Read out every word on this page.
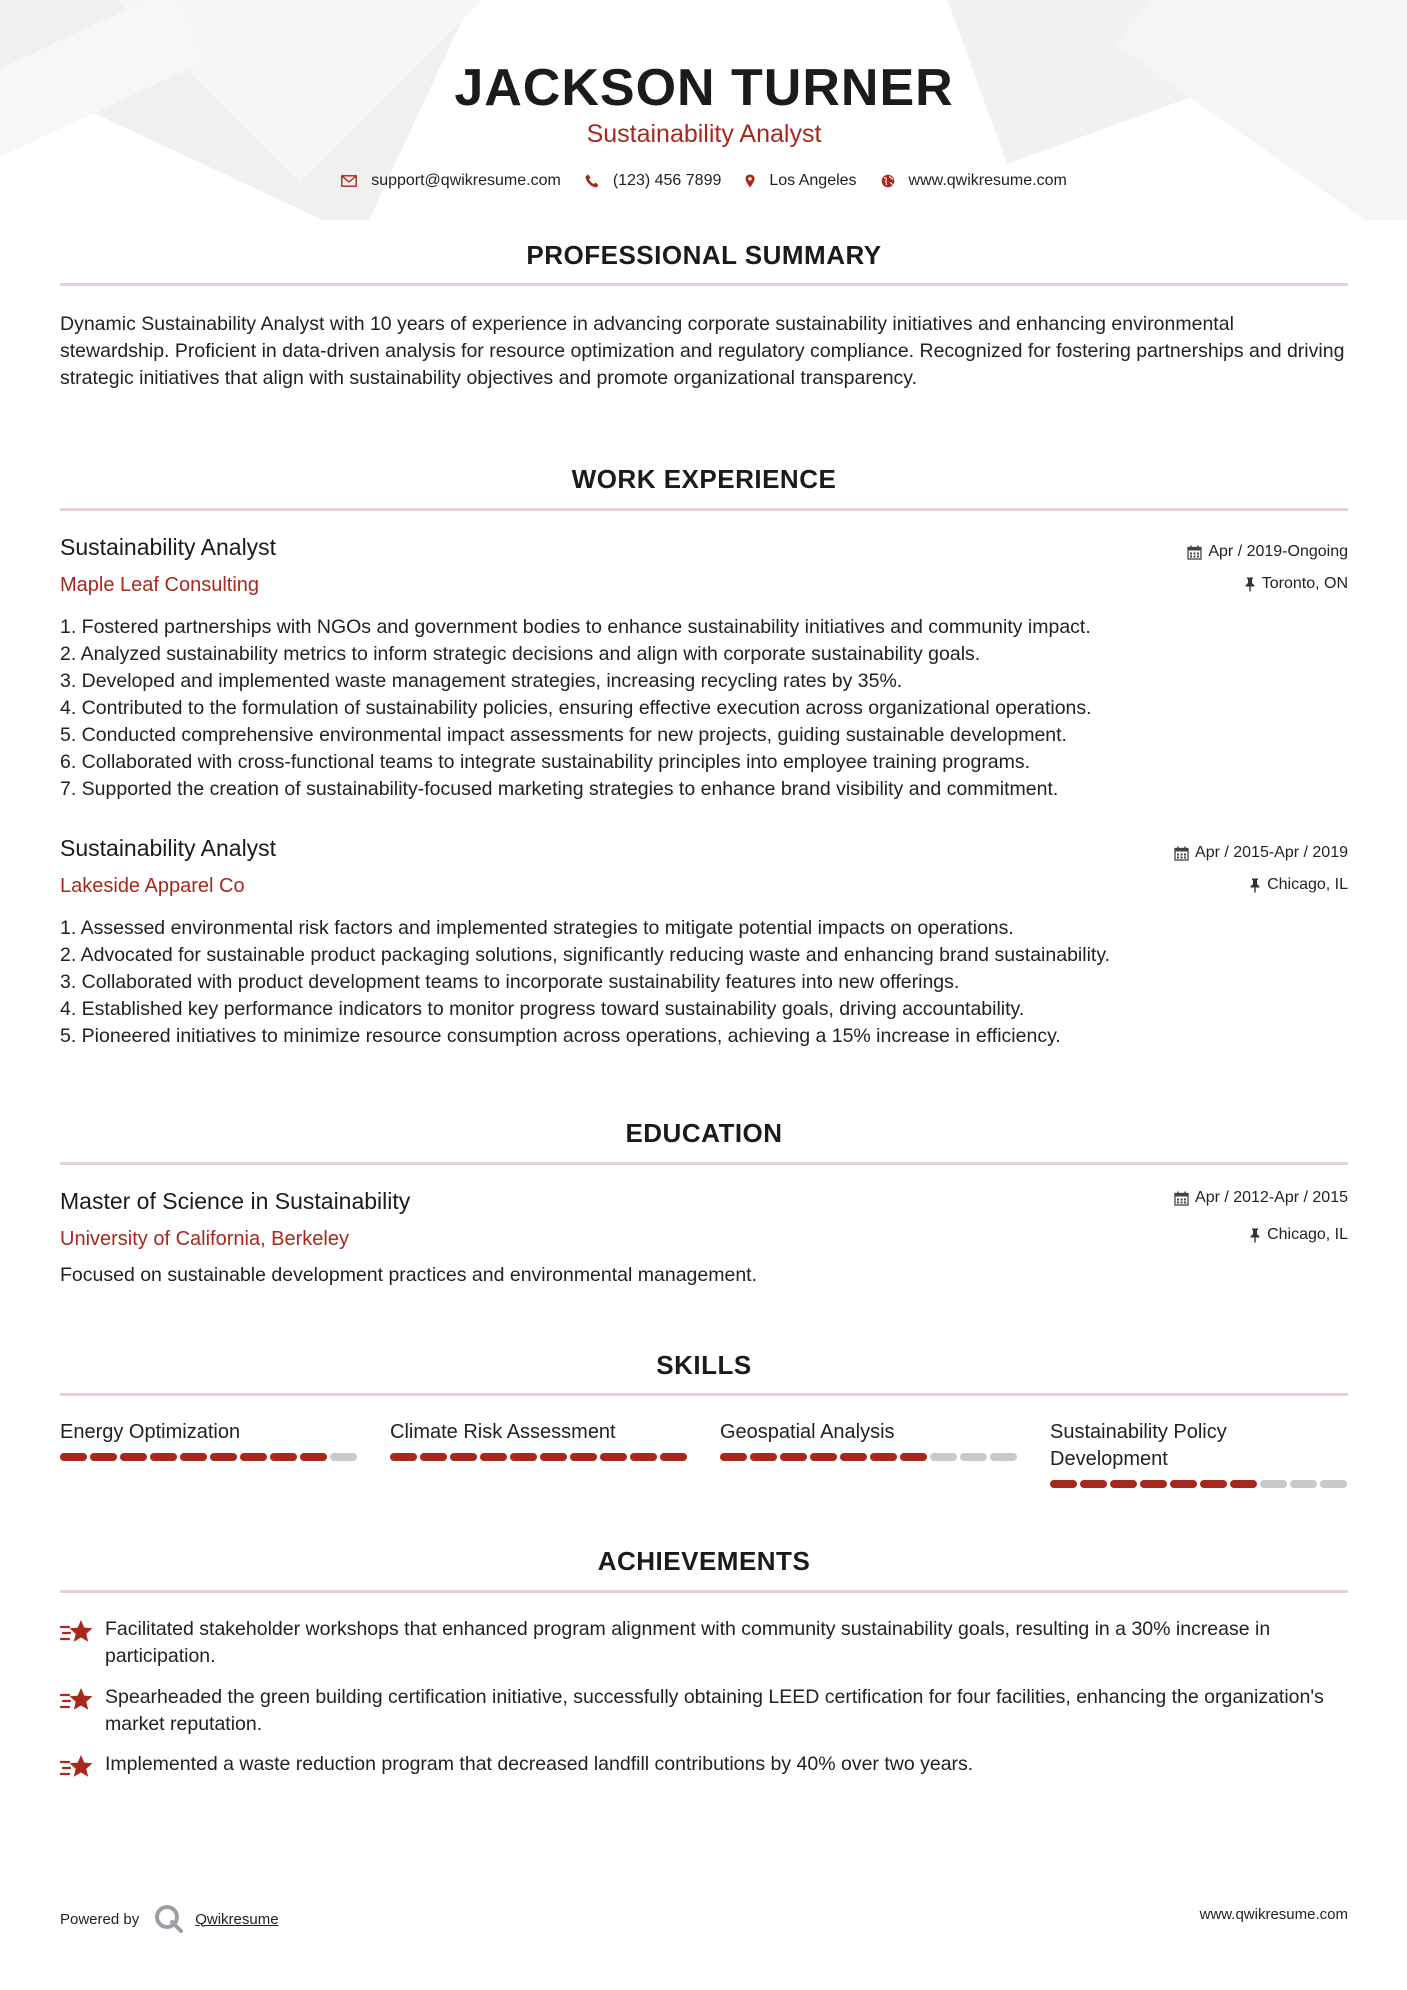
JACKSON TURNER
Sustainability Analyst
support@qwikresume.com	(123) 456 7899	Los Angeles	www.qwikresume.com
PROFESSIONAL SUMMARY
Dynamic Sustainability Analyst with 10 years of experience in advancing corporate sustainability initiatives and enhancing environmental stewardship. Proficient in data-driven analysis for resource optimization and regulatory compliance. Recognized for fostering partnerships and driving strategic initiatives that align with sustainability objectives and promote organizational transparency.
WORK EXPERIENCE
Sustainability Analyst
Maple Leaf Consulting
Apr / 2019-Ongoing
Toronto, ON
1. Fostered partnerships with NGOs and government bodies to enhance sustainability initiatives and community impact.
2. Analyzed sustainability metrics to inform strategic decisions and align with corporate sustainability goals.
3. Developed and implemented waste management strategies, increasing recycling rates by 35%.
4. Contributed to the formulation of sustainability policies, ensuring effective execution across organizational operations.
5. Conducted comprehensive environmental impact assessments for new projects, guiding sustainable development.
6. Collaborated with cross-functional teams to integrate sustainability principles into employee training programs.
7. Supported the creation of sustainability-focused marketing strategies to enhance brand visibility and commitment.
Sustainability Analyst
Lakeside Apparel Co
Apr / 2015-Apr / 2019
Chicago, IL
1. Assessed environmental risk factors and implemented strategies to mitigate potential impacts on operations.
2. Advocated for sustainable product packaging solutions, significantly reducing waste and enhancing brand sustainability.
3. Collaborated with product development teams to incorporate sustainability features into new offerings.
4. Established key performance indicators to monitor progress toward sustainability goals, driving accountability.
5. Pioneered initiatives to minimize resource consumption across operations, achieving a 15% increase in efficiency.
EDUCATION
Master of Science in Sustainability
University of California, Berkeley
Apr / 2012-Apr / 2015
Chicago, IL
Focused on sustainable development practices and environmental management.
SKILLS
Energy Optimization	Climate Risk Assessment	Geospatial Analysis	Sustainability Policy Development
ACHIEVEMENTS
Facilitated stakeholder workshops that enhanced program alignment with community sustainability goals, resulting in a 30% increase in participation.
Spearheaded the green building certification initiative, successfully obtaining LEED certification for four facilities, enhancing the organization's market reputation.
Implemented a waste reduction program that decreased landfill contributions by 40% over two years.
Powered by	Qwikresume	www.qwikresume.com
